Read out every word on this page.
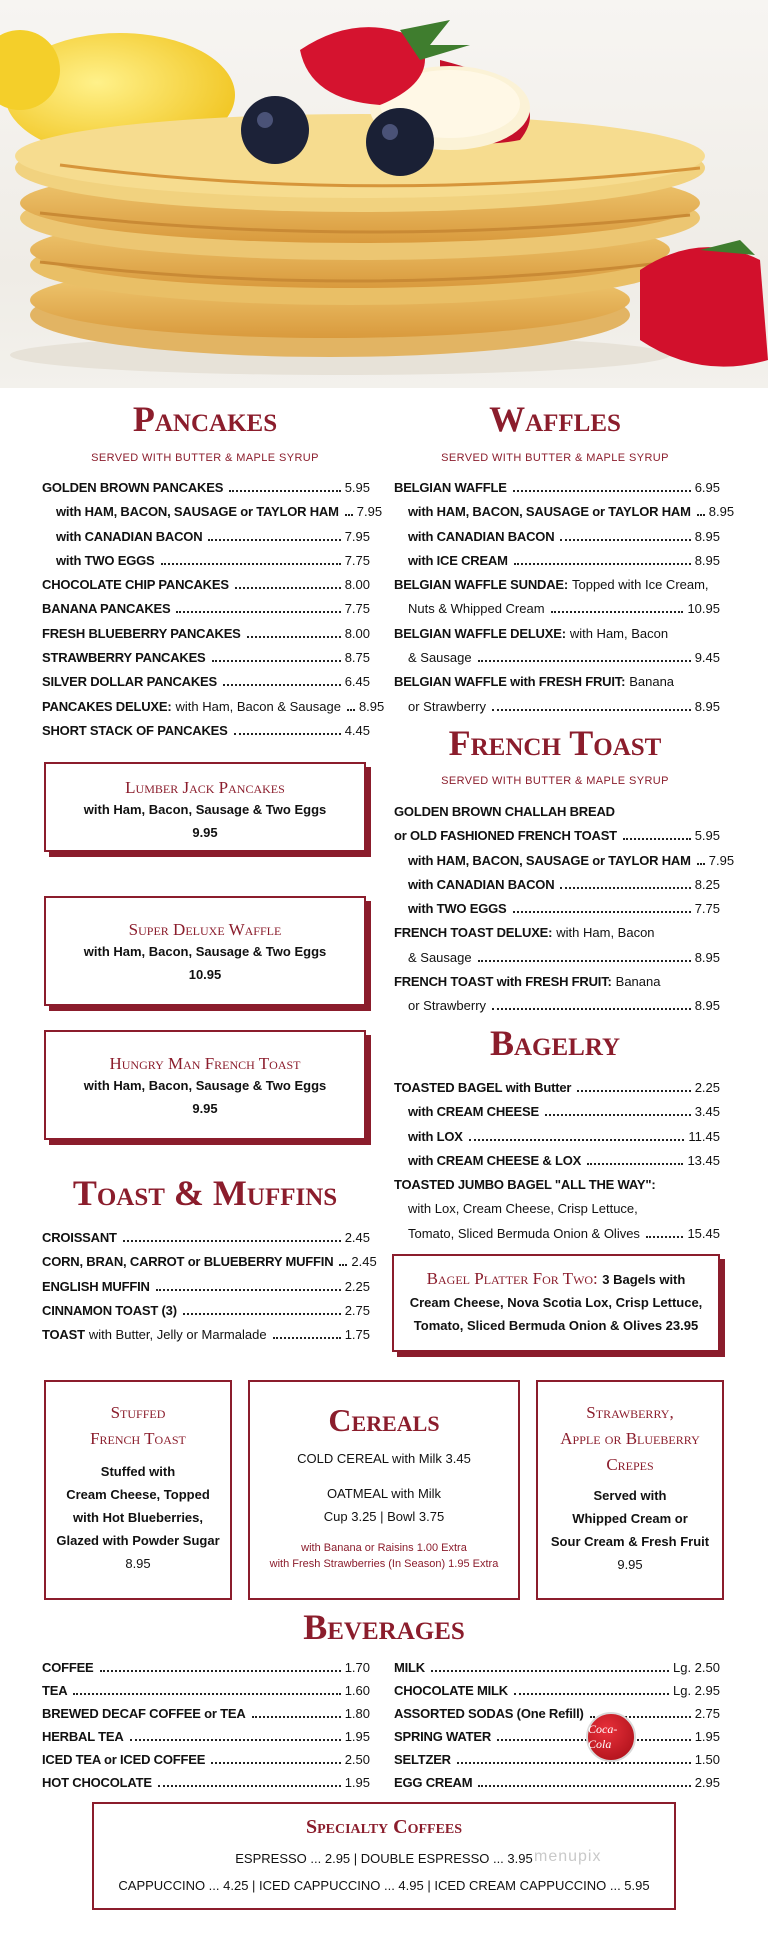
Pancakes
SERVED WITH BUTTER & MAPLE SYRUP
GOLDEN BROWN PANCAKES	5.95
with HAM, BACON, SAUSAGE or TAYLOR HAM 7.95
with CANADIAN BACON	7.95
with TWO EGGS	7.75
CHOCOLATE CHIP PANCAKES	8.00
BANANA PANCAKES	7.75
FRESH BLUEBERRY PANCAKES	8.00
STRAWBERRY PANCAKES	8.75
SILVER DOLLAR PANCAKES	6.45
PANCAKES DELUXE: with Ham, Bacon & Sausage 8.95
SHORT STACK OF PANCAKES	4.45
Waffles
SERVED WITH BUTTER & MAPLE SYRUP
BELGIAN WAFFLE	6.95
with HAM, BACON, SAUSAGE or TAYLOR HAM 8.95
with CANADIAN BACON	8.95
with ICE CREAM	8.95
BELGIAN WAFFLE SUNDAE: Topped with Ice Cream,
Nuts & Whipped Cream	10.95
BELGIAN WAFFLE DELUXE: with Ham, Bacon
& Sausage	9.45
BELGIAN WAFFLE with FRESH FRUIT: Banana
or Strawberry	8.95
French Toast
SERVED WITH BUTTER & MAPLE SYRUP
GOLDEN BROWN CHALLAH BREAD
or OLD FASHIONED FRENCH TOAST	5.95
with HAM, BACON, SAUSAGE or TAYLOR HAM 7.95
with CANADIAN BACON	8.25
with TWO EGGS	7.75
FRENCH TOAST DELUXE: with Ham, Bacon
& Sausage	8.95
FRENCH TOAST with FRESH FRUIT: Banana
or Strawberry	8.95
Lumber Jack Pancakes
with Ham, Bacon, Sausage & Two Eggs
9.95
Super Deluxe Waffle
with Ham, Bacon, Sausage & Two Eggs
10.95
Hungry Man French Toast
with Ham, Bacon, Sausage & Two Eggs
9.95
Bagelry
TOASTED BAGEL with Butter	2.25
with CREAM CHEESE	3.45
with LOX	11.45
with CREAM CHEESE & LOX	13.45
TOASTED JUMBO BAGEL "ALL THE WAY":
with Lox, Cream Cheese, Crisp Lettuce,
Tomato, Sliced Bermuda Onion & Olives	15.45
Bagel Platter For Two: 3 Bagels with
Cream Cheese, Nova Scotia Lox, Crisp Lettuce,
Tomato, Sliced Bermuda Onion & Olives 23.95
Toast & Muffins
CROISSANT	2.45
CORN, BRAN, CARROT or BLUEBERRY MUFFIN 2.45
ENGLISH MUFFIN	2.25
CINNAMON TOAST (3)	2.75
TOAST with Butter, Jelly or Marmalade	1.75
Stuffed
French Toast
Stuffed with
Cream Cheese, Topped
with Hot Blueberries,
Glazed with Powder Sugar
8.95
Cereals
COLD CEREAL with Milk 3.45
OATMEAL with Milk
Cup 3.25 | Bowl 3.75
with Banana or Raisins 1.00 Extra
with Fresh Strawberries (In Season) 1.95 Extra
Strawberry,
Apple or Blueberry
Crepes
Served with
Whipped Cream or
Sour Cream & Fresh Fruit
9.95
Beverages
COFFEE	1.70
TEA	1.60
BREWED DECAF COFFEE or TEA	1.80
HERBAL TEA	1.95
ICED TEA or ICED COFFEE	2.50
HOT CHOCOLATE	1.95
MILK	Lg. 2.50
CHOCOLATE MILK	Lg. 2.95
ASSORTED SODAS (One Refill)	2.75
SPRING WATER	1.95
SELTZER	1.50
EGG CREAM	2.95
Coca-Cola
Specialty Coffees
ESPRESSO ... 2.95 | DOUBLE ESPRESSO ... 3.95
CAPPUCCINO ... 4.25 | ICED CAPPUCCINO ... 4.95 | ICED CREAM CAPPUCCINO ... 5.95
menupix
